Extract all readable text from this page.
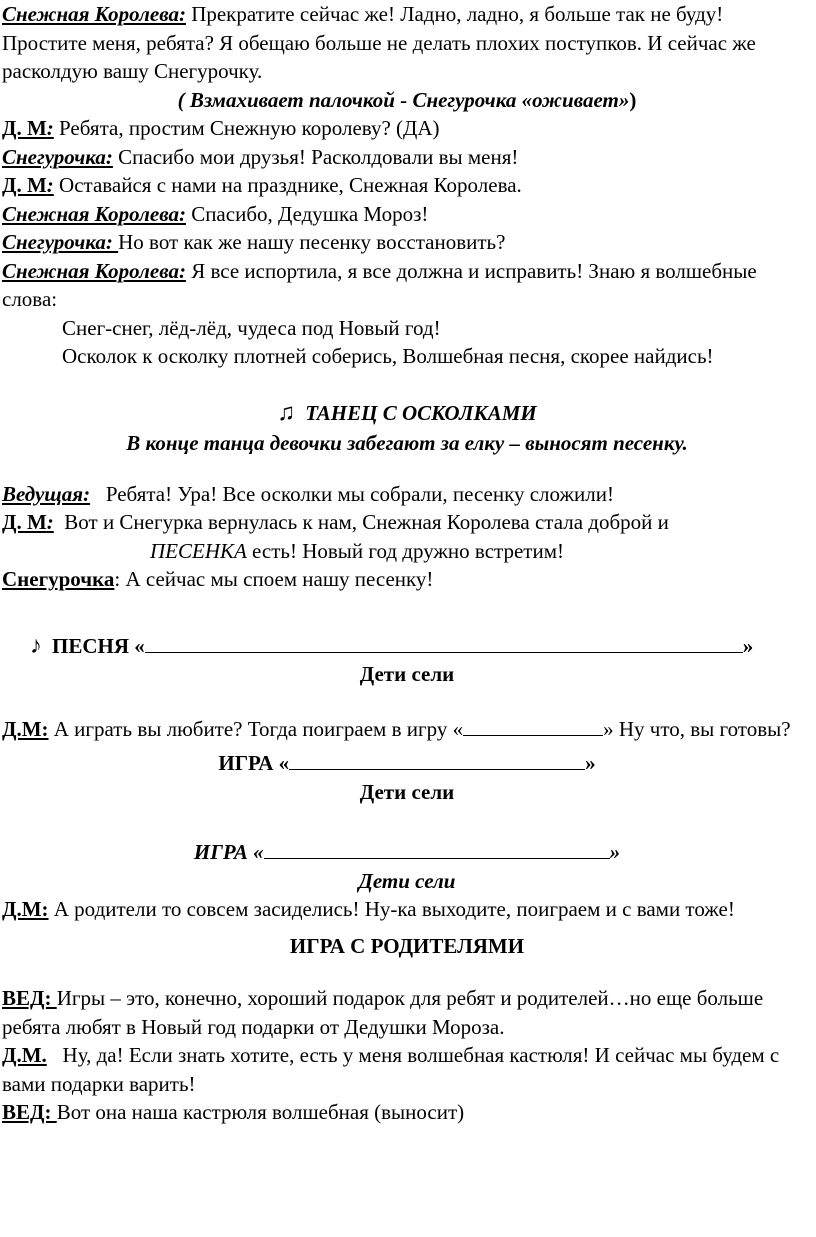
Снежная Королева: Прекратите сейчас же! Ладно, ладно, я больше так не буду!

Простите меня, ребята? Я обещаю больше не делать плохих поступков. И сейчас же расколдую вашу Снегурочку.

( Взмахивает палочкой - Снегурочка «оживает»)

Д. М: Ребята, простим Снежную королеву? (ДА)

Снегурочка: Спасибо мои друзья! Расколдовали вы меня!

Д. М: Оставайся с нами на празднике, Снежная Королева.

Снежная Королева: Спасибо, Дедушка Мороз!

Снегурочка: Но вот как же нашу песенку восстановить?

Снежная Королева: Я все испортила, я все должна и исправить! Знаю я волшебные слова:

Снег-снег, лёд-лёд, чудеса под Новый год!

Осколок к осколку плотней соберись, Волшебная песня, скорее найдись!

♫ ТАНЕЦ С ОСКОЛКАМИ

В конце танца девочки забегают за елку – выносят песенку.

Ведущая:   Ребята! Ура! Все осколки мы собрали, песенку сложили!

Д. М:  Вот и Снегурка вернулась к нам, Снежная Королева стала доброй и

ПЕСЕНКА есть! Новый год дружно встретим!

Снегурочка: А сейчас мы споем нашу песенку!

♪ ПЕСНЯ «	»

Дети сели

Д.М: А играть вы любите? Тогда поиграем в игру «	» Ну что, вы готовы?

ИГРА «	»

Дети сели

ИГРА «	»

Дети сели

Д.М: А родители то совсем засиделись! Ну-ка выходите, поиграем и с вами тоже!

ИГРА С РОДИТЕЛЯМИ

ВЕД: Игры – это, конечно, хороший подарок для ребят и родителей…но еще больше ребята любят в Новый год подарки от Дедушки Мороза.

Д.М.   Ну, да! Если знать хотите, есть у меня волшебная кастюля! И сейчас мы будем с вами подарки варить!

ВЕД: Вот она наша кастрюля волшебная (выносит)
